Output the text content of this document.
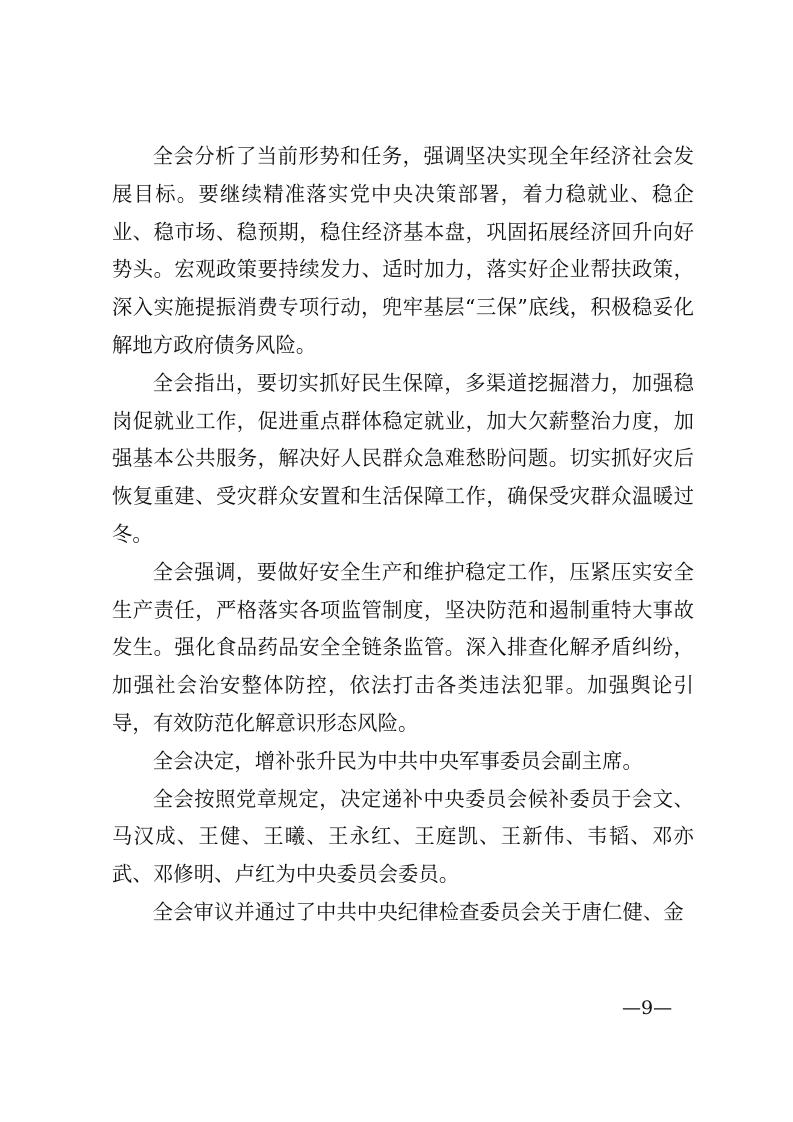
全会分析了当前形势和任务，强调坚决实现全年经济社会发展目标。要继续精准落实党中央决策部署，着力稳就业、稳企业、稳市场、稳预期，稳住经济基本盘，巩固拓展经济回升向好势头。宏观政策要持续发力、适时加力，落实好企业帮扶政策，深入实施提振消费专项行动，兜牢基层“三保”底线，积极稳妥化解地方政府债务风险。

全会指出，要切实抓好民生保障，多渠道挖掘潜力，加强稳岗促就业工作，促进重点群体稳定就业，加大欠薪整治力度，加强基本公共服务，解决好人民群众急难愁盼问题。切实抓好灾后恢复重建、受灾群众安置和生活保障工作，确保受灾群众温暖过冬。

全会强调，要做好安全生产和维护稳定工作，压紧压实安全生产责任，严格落实各项监管制度，坚决防范和遏制重特大事故发生。强化食品药品安全全链条监管。深入排查化解矛盾纠纷，加强社会治安整体防控，依法打击各类违法犯罪。加强舆论引导，有效防范化解意识形态风险。

全会决定，增补张升民为中共中央军事委员会副主席。

全会按照党章规定，决定递补中央委员会候补委员于会文、马汉成、王健、王曦、王永红、王庭凯、王新伟、韦韬、邓亦武、邓修明、卢红为中央委员会委员。

全会审议并通过了中共中央纪律检查委员会关于唐仁健、金

—9—
